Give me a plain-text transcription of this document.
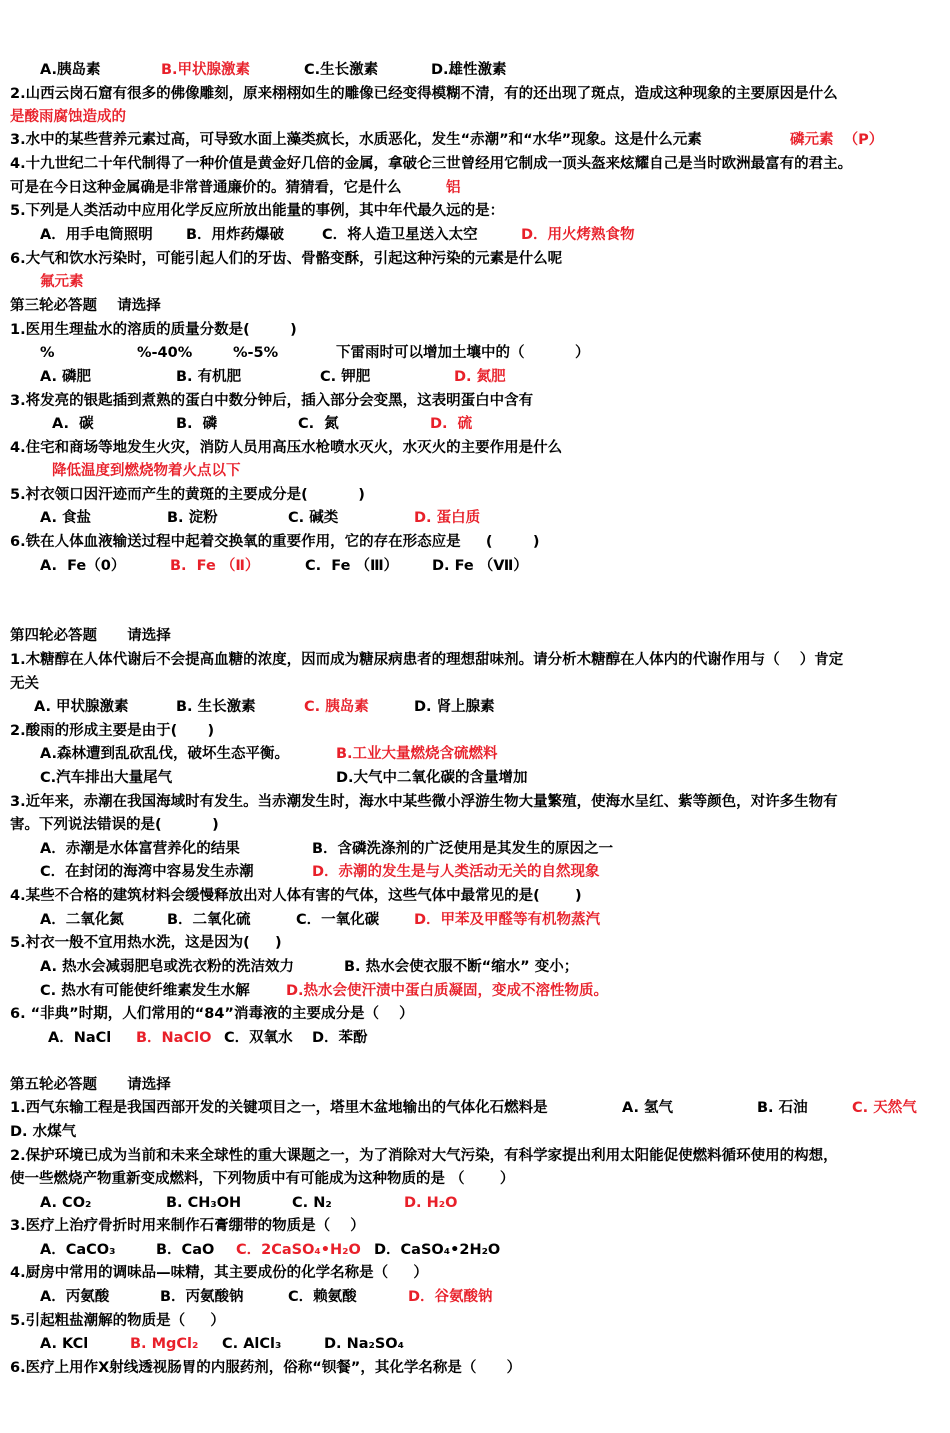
A.胰岛素	B.甲状腺激素	C.生长激素	D.雄性激素
2.山西云岗石窟有很多的佛像雕刻，原来栩栩如生的雕像已经变得模糊不清，有的还出现了斑点，造成这种现象的主要原因是什么
是酸雨腐蚀造成的
3.水中的某些营养元素过高，可导致水面上藻类疯长，水质恶化，发生“赤潮”和“水华”现象。这是什么元素	磷元素  （P）
4.十九世纪二十年代制得了一种价值是黄金好几倍的金属，拿破仑三世曾经用它制成一顶头盔来炫耀自己是当时欧洲最富有的君主。
可是在今日这种金属确是非常普通廉价的。猜猜看，它是什么	铝
5.下列是人类活动中应用化学反应所放出能量的事例，其中年代最久远的是：
A．用手电筒照明 B．用炸药爆破	C．将人造卫星送入太空	D．用火烤熟食物
6.大气和饮水污染时，可能引起人们的牙齿、骨骼变酥，引起这种污染的元素是什么呢
氟元素
第三轮必答题    请选择
1.医用生理盐水的溶质的质量分数是(        )
%	%-40%	%-5%	下雷雨时可以增加土壤中的（          ）
A. 磷肥	B. 有机肥	C. 钾肥	D. 氮肥
3.将发亮的银匙插到煮熟的蛋白中数分钟后，插入部分会变黑，这表明蛋白中含有
A.  碳	B.  磷	C.  氮	D.  硫
4.住宅和商场等地发生火灾，消防人员用高压水枪喷水灭火，水灭火的主要作用是什么
降低温度到燃烧物着火点以下
5.衬衣领口因汗迹而产生的黄斑的主要成分是(          )
A. 食盐	B. 淀粉	C. 碱类	D. 蛋白质
6.铁在人体血液输送过程中起着交换氧的重要作用，它的存在形态应是     (        )
A.  Fe（0）	B.  Fe （Ⅱ）	C.  Fe （Ⅲ） D. Fe （Ⅶ）
第四轮必答题      请选择
1.木糖醇在人体代谢后不会提高血糖的浓度，因而成为糖尿病患者的理想甜味剂。请分析木糖醇在人体内的代谢作用与（    ）肯定
无关
A. 甲状腺激素	B. 生长激素	C. 胰岛素	D. 肾上腺素
2.酸雨的形成主要是由于(      )
A.森林遭到乱砍乱伐，破坏生态平衡。	B.工业大量燃烧含硫燃料
C.汽车排出大量尾气	D.大气中二氧化碳的含量增加
3.近年来，赤潮在我国海域时有发生。当赤潮发生时，海水中某些微小浮游生物大量繁殖，使海水呈红、紫等颜色，对许多生物有
害。下列说法错误的是(          )
A．赤潮是水体富营养化的结果	B．含磷洗涤剂的广泛使用是其发生的原因之一
C．在封闭的海湾中容易发生赤潮	D．赤潮的发生是与人类活动无关的自然现象
4.某些不合格的建筑材料会缓慢释放出对人体有害的气体，这些气体中最常见的是(       )
A．二氧化氮	B．二氧化硫	C．一氧化碳 D．甲苯及甲醛等有机物蒸汽
5.衬衣一般不宜用热水洗，这是因为(     )
A. 热水会减弱肥皂或洗衣粉的洗洁效力	B. 热水会使衣服不断“缩水” 变小；
C. 热水有可能使纤维素发生水解	D.热水会使汗渍中蛋白质凝固，变成不溶性物质。
6. “非典”时期，人们常用的“84”消毒液的主要成分是（    ）
A．NaCl B．NaClO C．双氧水 D．苯酚
第五轮必答题      请选择
1.西气东输工程是我国西部开发的关键项目之一，塔里木盆地输出的气体化石燃料是	A. 氢气	B. 石油	C. 天然气
D. 水煤气
2.保护环境已成为当前和未来全球性的重大课题之一，为了消除对大气污染，有科学家提出利用太阳能促使燃料循环使用的构想，
使一些燃烧产物重新变成燃料，下列物质中有可能成为这种物质的是 （       ）
A. CO₂	B. CH₃OH	C. N₂	D. H₂O
3.医疗上治疗骨折时用来制作石膏绷带的物质是（    ）
A．CaCO₃	B．CaO C．2CaSO₄•H₂O D．CaSO₄•2H₂O
4.厨房中常用的调味品—味精，其主要成份的化学名称是（     ）
A．丙氨酸	B．丙氨酸钠	C．赖氨酸	D．谷氨酸钠
5.引起粗盐潮解的物质是（     ）
A. KCl	B. MgCl₂ C. AlCl₃	D. Na₂SO₄
6.医疗上用作X射线透视肠胃的内服药剂，俗称“钡餐”，其化学名称是（      ）
